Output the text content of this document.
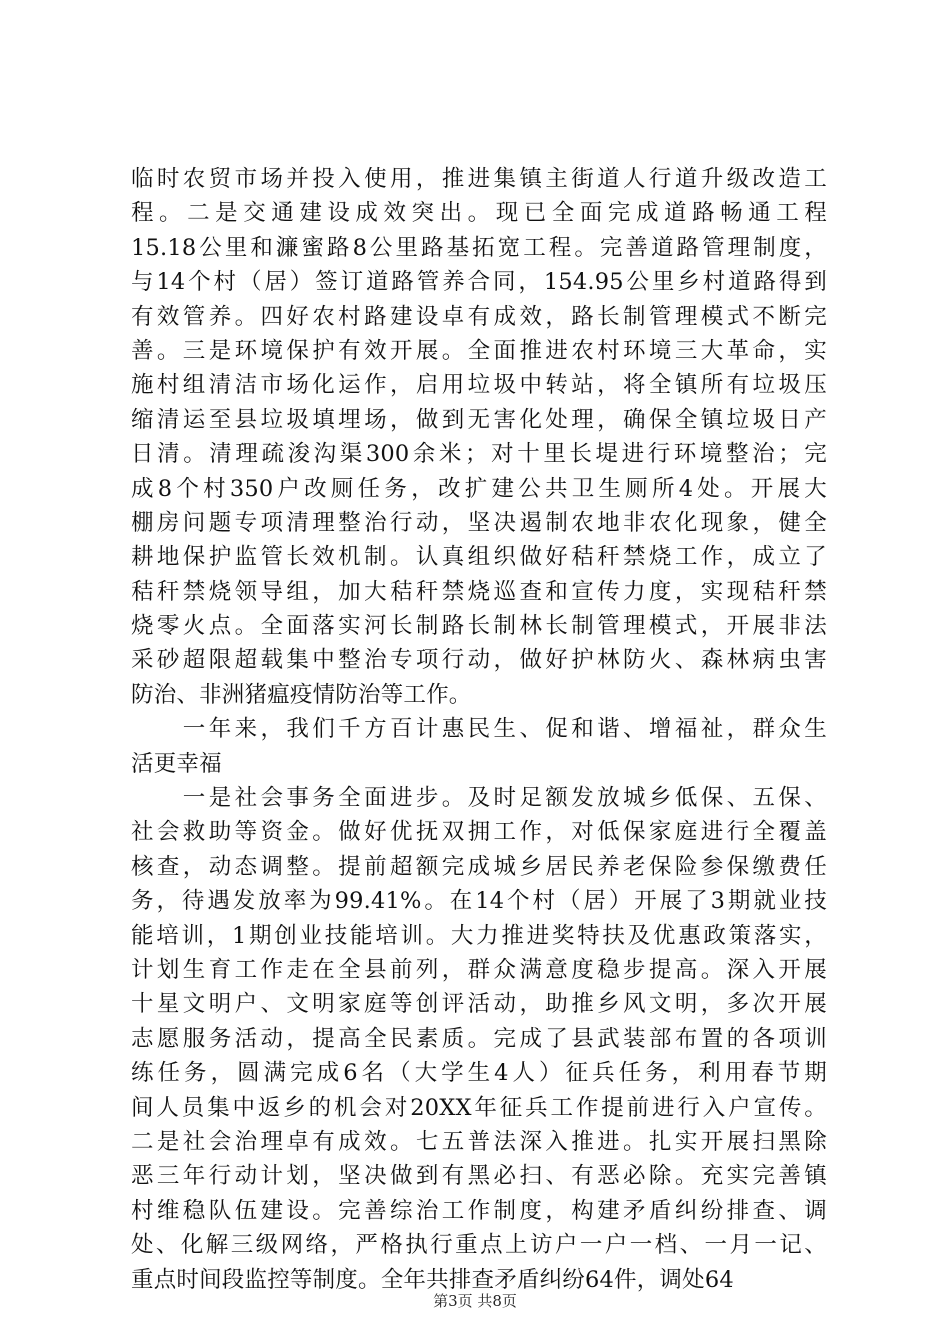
临时农贸市场并投入使用，推进集镇主街道人行道升级改造工
程。二是交通建设成效突出。现已全面完成道路畅通工程
15.18公里和濂蜜路8公里路基拓宽工程。完善道路管理制度，
与14个村（居）签订道路管养合同，154.95公里乡村道路得到
有效管养。四好农村路建设卓有成效，路长制管理模式不断完
善。三是环境保护有效开展。全面推进农村环境三大革命，实
施村组清洁市场化运作，启用垃圾中转站，将全镇所有垃圾压
缩清运至县垃圾填埋场，做到无害化处理，确保全镇垃圾日产
日清。清理疏浚沟渠300余米；对十里长堤进行环境整治；完
成8个村350户改厕任务，改扩建公共卫生厕所4处。开展大
棚房问题专项清理整治行动，坚决遏制农地非农化现象，健全
耕地保护监管长效机制。认真组织做好秸秆禁烧工作，成立了
秸秆禁烧领导组，加大秸秆禁烧巡查和宣传力度，实现秸秆禁
烧零火点。全面落实河长制路长制林长制管理模式，开展非法
采砂超限超载集中整治专项行动，做好护林防火、森林病虫害
防治、非洲猪瘟疫情防治等工作。
　　一年来，我们千方百计惠民生、促和谐、增福祉，群众生
活更幸福
　　一是社会事务全面进步。及时足额发放城乡低保、五保、
社会救助等资金。做好优抚双拥工作，对低保家庭进行全覆盖
核查，动态调整。提前超额完成城乡居民养老保险参保缴费任
务，待遇发放率为99.41%。在14个村（居）开展了3期就业技
能培训，1期创业技能培训。大力推进奖特扶及优惠政策落实，
计划生育工作走在全县前列，群众满意度稳步提高。深入开展
十星文明户、文明家庭等创评活动，助推乡风文明，多次开展
志愿服务活动，提高全民素质。完成了县武装部布置的各项训
练任务，圆满完成6名（大学生4人）征兵任务，利用春节期
间人员集中返乡的机会对20XX年征兵工作提前进行入户宣传。
二是社会治理卓有成效。七五普法深入推进。扎实开展扫黑除
恶三年行动计划，坚决做到有黑必扫、有恶必除。充实完善镇
村维稳队伍建设。完善综治工作制度，构建矛盾纠纷排查、调
处、化解三级网络，严格执行重点上访户一户一档、一月一记、
重点时间段监控等制度。全年共排查矛盾纠纷64件，调处64
第3页 共8页
